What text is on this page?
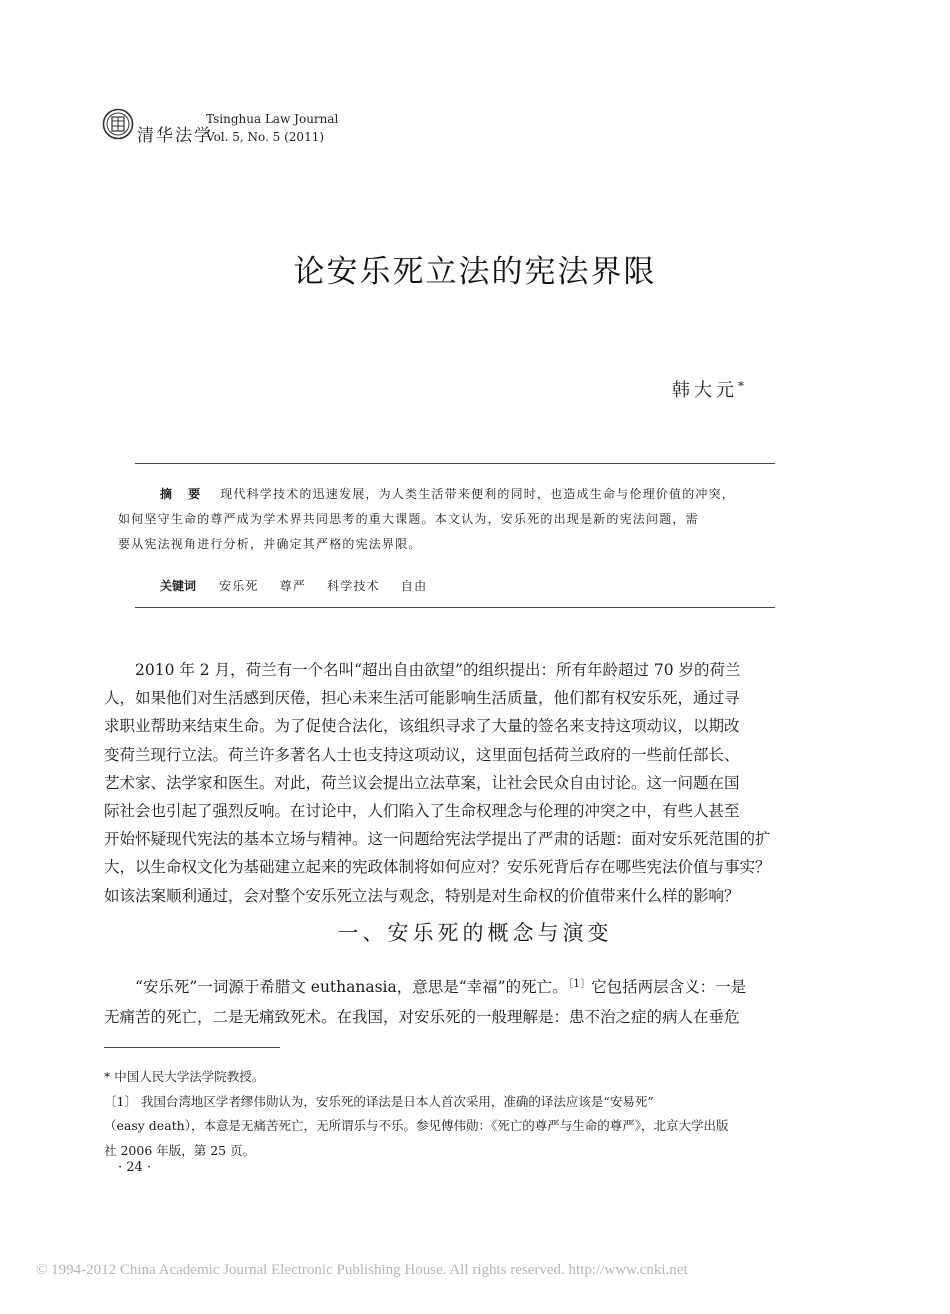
清华法学
Tsinghua Law Journal
Vol. 5, No. 5 (2011)
论安乐死立法的宪法界限
韩大元*
摘 要 现代科学技术的迅速发展，为人类生活带来便利的同时，也造成生命与伦理价值的冲突，
如何坚守生命的尊严成为学术界共同思考的重大课题。本文认为，安乐死的出现是新的宪法问题，需
要从宪法视角进行分析，并确定其严格的宪法界限。
关键词 安乐死 尊严 科学技术 自由
2010 年 2 月，荷兰有一个名叫“超出自由欲望”的组织提出：所有年龄超过 70 岁的荷兰
人，如果他们对生活感到厌倦，担心未来生活可能影响生活质量，他们都有权安乐死，通过寻
求职业帮助来结束生命。为了促使合法化，该组织寻求了大量的签名来支持这项动议，以期改
变荷兰现行立法。荷兰许多著名人士也支持这项动议，这里面包括荷兰政府的一些前任部长、
艺术家、法学家和医生。对此，荷兰议会提出立法草案，让社会民众自由讨论。这一问题在国
际社会也引起了强烈反响。在讨论中，人们陷入了生命权理念与伦理的冲突之中，有些人甚至
开始怀疑现代宪法的基本立场与精神。这一问题给宪法学提出了严肃的话题：面对安乐死范围的扩
大，以生命权文化为基础建立起来的宪政体制将如何应对？安乐死背后存在哪些宪法价值与事实？
如该法案顺利通过，会对整个安乐死立法与观念，特别是对生命权的价值带来什么样的影响？
一、安乐死的概念与演变
“安乐死”一词源于希腊文 euthanasia，意思是“幸福”的死亡。$^{〔1〕}$它包括两层含义：一是
无痛苦的死亡，二是无痛致死术。在我国，对安乐死的一般理解是：患不治之症的病人在垂危
* 中国人民大学法学院教授。
〔1〕 我国台湾地区学者缪伟勋认为，安乐死的译法是日本人首次采用，准确的译法应该是“安易死”
（easy death），本意是无痛苦死亡，无所谓乐与不乐。参见傅伟勋：《死亡的尊严与生命的尊严》，北京大学出版
社 2006 年版，第 25 页。
· 24 ·
© 1994-2012 China Academic Journal Electronic Publishing House. All rights reserved. http://www.cnki.net
